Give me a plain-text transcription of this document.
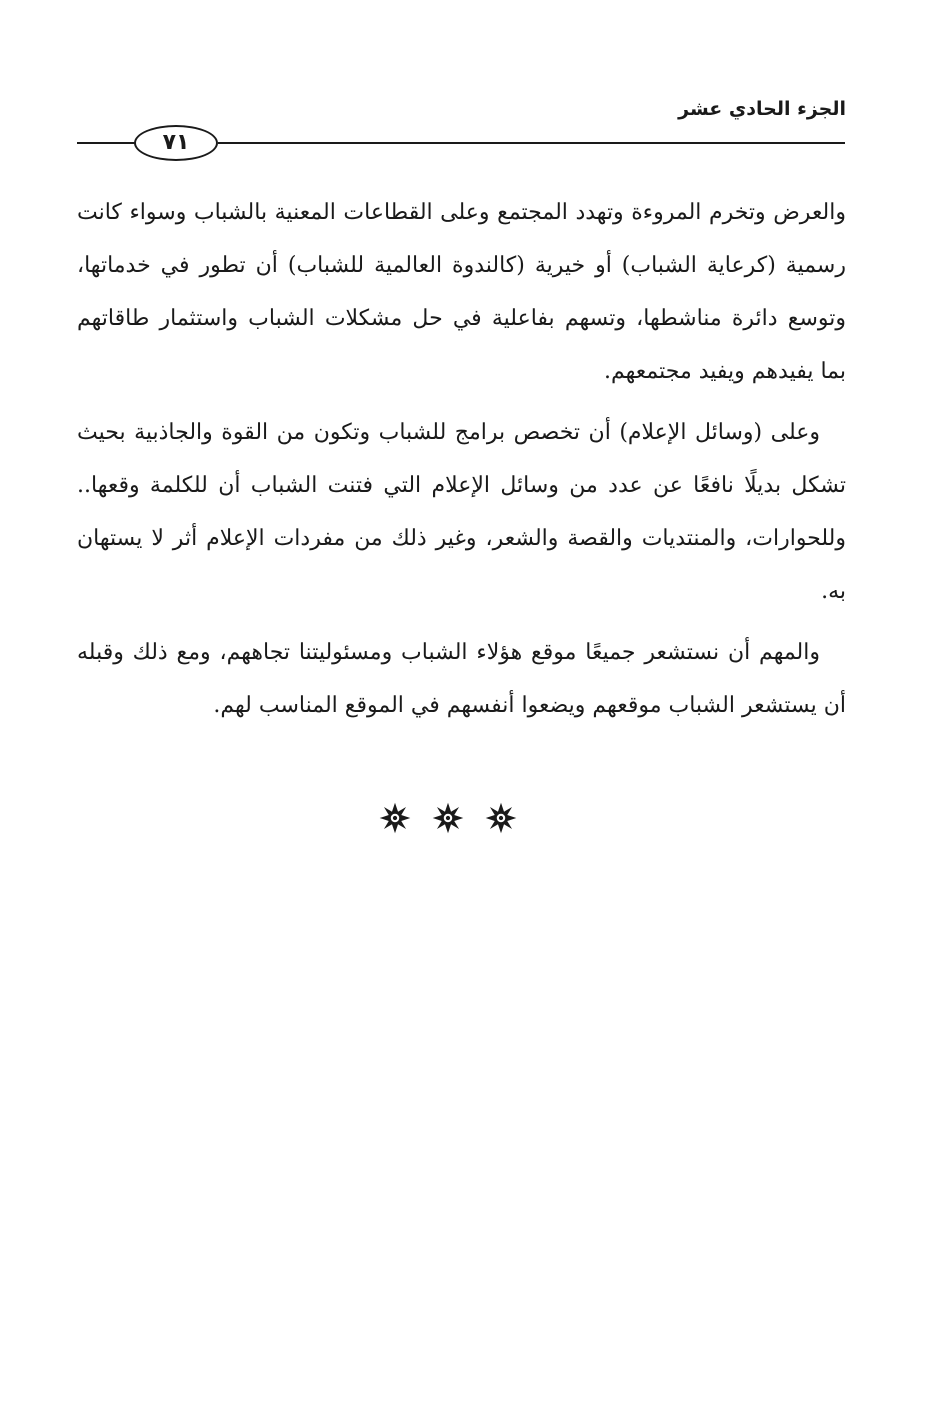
الجزء الحادي عشر
٧١

والعرض وتخرم المروءة وتهدد المجتمع وعلى القطاعات المعنية بالشباب وسواء كانت رسمية (كرعاية الشباب) أو خيرية (كالندوة العالمية للشباب) أن تطور في خدماتها، وتوسع دائرة مناشطها، وتسهم بفاعلية في حل مشكلات الشباب واستثمار طاقاتهم بما يفيدهم ويفيد مجتمعهم.

وعلى (وسائل الإعلام) أن تخصص برامج للشباب وتكون من القوة والجاذبية بحيث تشكل بديلًا نافعًا عن عدد من وسائل الإعلام التي فتنت الشباب أن للكلمة وقعها.. وللحوارات، والمنتديات والقصة والشعر، وغير ذلك من مفردات الإعلام أثر لا يستهان به.

والمهم أن نستشعر جميعًا موقع هؤلاء الشباب ومسئوليتنا تجاههم، ومع ذلك وقبله أن يستشعر الشباب موقعهم ويضعوا أنفسهم في الموقع المناسب لهم.
